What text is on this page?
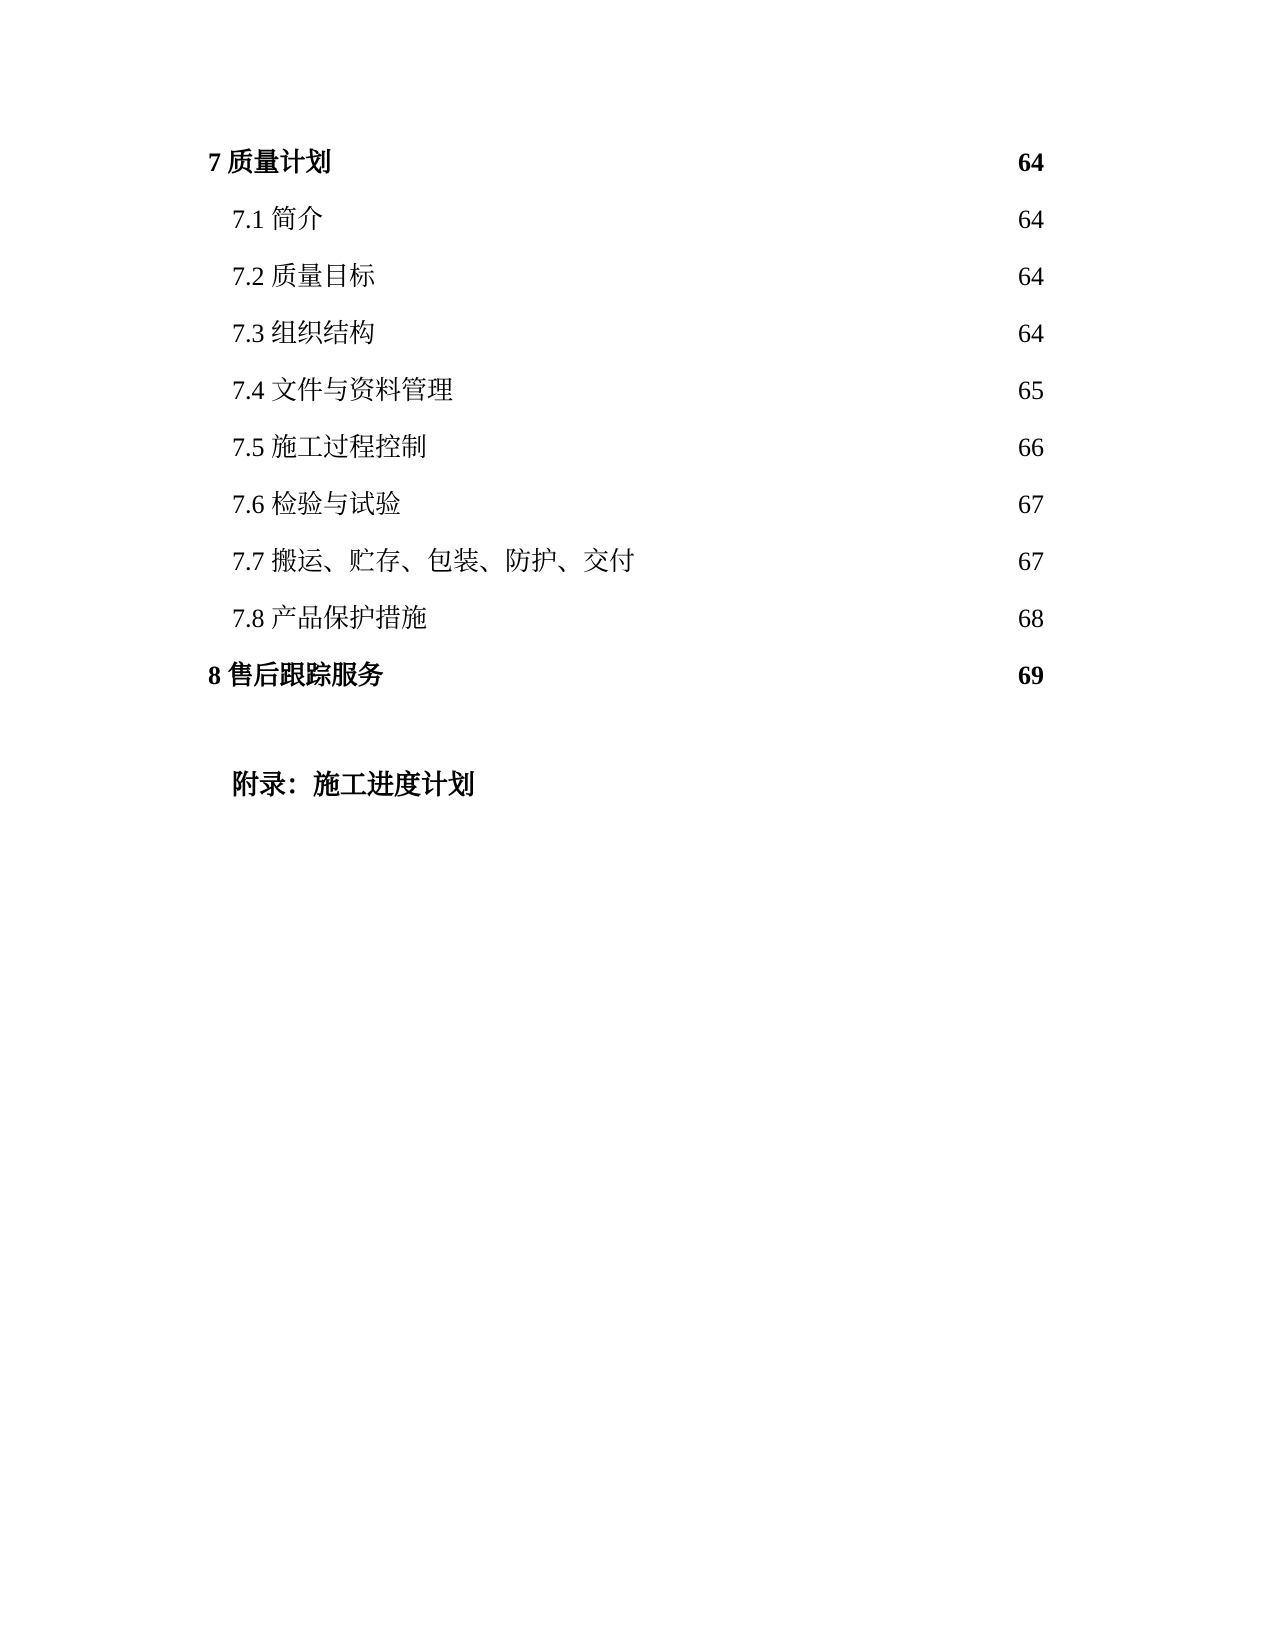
7 质量计划	64
7.1 简介	64
7.2 质量目标	64
7.3 组织结构	64
7.4 文件与资料管理	65
7.5 施工过程控制	66
7.6 检验与试验	67
7.7 搬运、贮存、包装、防护、交付	67
7.8 产品保护措施	68
8 售后跟踪服务	69
附录：施工进度计划
